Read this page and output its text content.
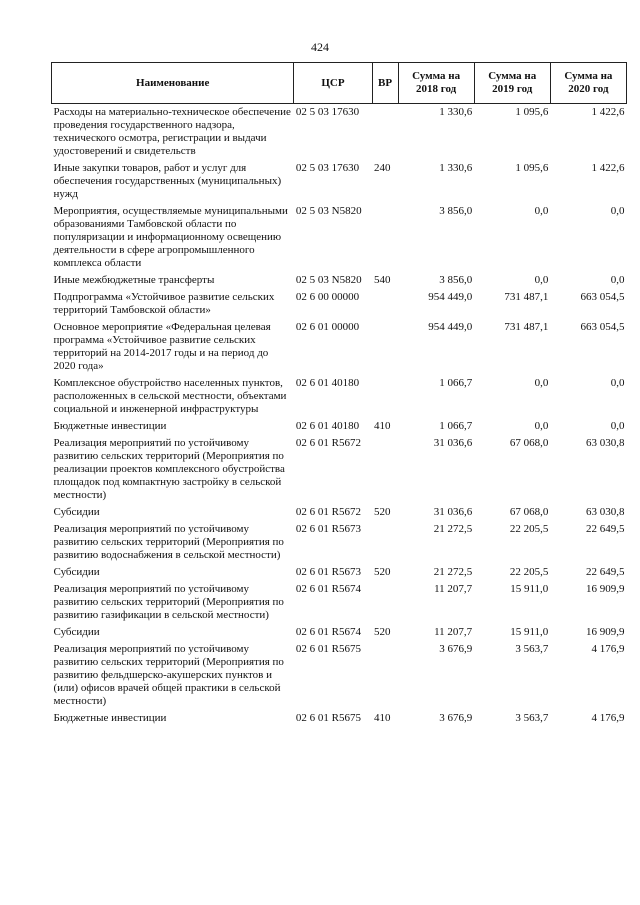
424
Наименование	ЦСР	ВР	Сумма на 2018 год	Сумма на 2019 год	Сумма на 2020 год
Расходы на материально-техническое обеспечение проведения государственного надзора, технического осмотра, регистрации и выдачи удостоверений и свидетельств	02 5 03 17630		1 330,6	1 095,6	1 422,6

Иные закупки товаров, работ и услуг для обеспечения государственных (муниципальных) нужд	02 5 03 17630	240	1 330,6	1 095,6	1 422,6

Мероприятия, осуществляемые муниципальными образованиями Тамбовской области по популяризации и информационному освещению деятельности в сфере агропромышленного комплекса области	02 5 03 N5820		3 856,0	0,0	0,0

Иные межбюджетные трансферты	02 5 03 N5820	540	3 856,0	0,0	0,0

Подпрограмма «Устойчивое развитие сельских территорий Тамбовской области»	02 6 00 00000		954 449,0	731 487,1	663 054,5

Основное мероприятие «Федеральная целевая программа «Устойчивое развитие сельских территорий на 2014-2017 годы и на период до 2020 года»	02 6 01 00000		954 449,0	731 487,1	663 054,5

Комплексное обустройство населенных пунктов, расположенных в сельской местности, объектами социальной и инженерной инфраструктуры	02 6 01 40180		1 066,7	0,0	0,0

Бюджетные инвестиции	02 6 01 40180	410	1 066,7	0,0	0,0

Реализация мероприятий по устойчивому развитию сельских территорий (Мероприятия по реализации проектов комплексного обустройства площадок под компактную застройку в сельской местности)	02 6 01 R5672		31 036,6	67 068,0	63 030,8

Субсидии	02 6 01 R5672	520	31 036,6	67 068,0	63 030,8

Реализация мероприятий по устойчивому развитию сельских территорий (Мероприятия по развитию водоснабжения в сельской местности)	02 6 01 R5673		21 272,5	22 205,5	22 649,5

Субсидии	02 6 01 R5673	520	21 272,5	22 205,5	22 649,5

Реализация мероприятий по устойчивому развитию сельских территорий (Мероприятия по развитию газификации в сельской местности)	02 6 01 R5674		11 207,7	15 911,0	16 909,9

Субсидии	02 6 01 R5674	520	11 207,7	15 911,0	16 909,9

Реализация мероприятий по устойчивому развитию сельских территорий (Мероприятия по развитию фельдшерско-акушерских пунктов и (или) офисов врачей общей практики в сельской местности)	02 6 01 R5675		3 676,9	3 563,7	4 176,9

Бюджетные инвестиции	02 6 01 R5675	410	3 676,9	3 563,7	4 176,9
